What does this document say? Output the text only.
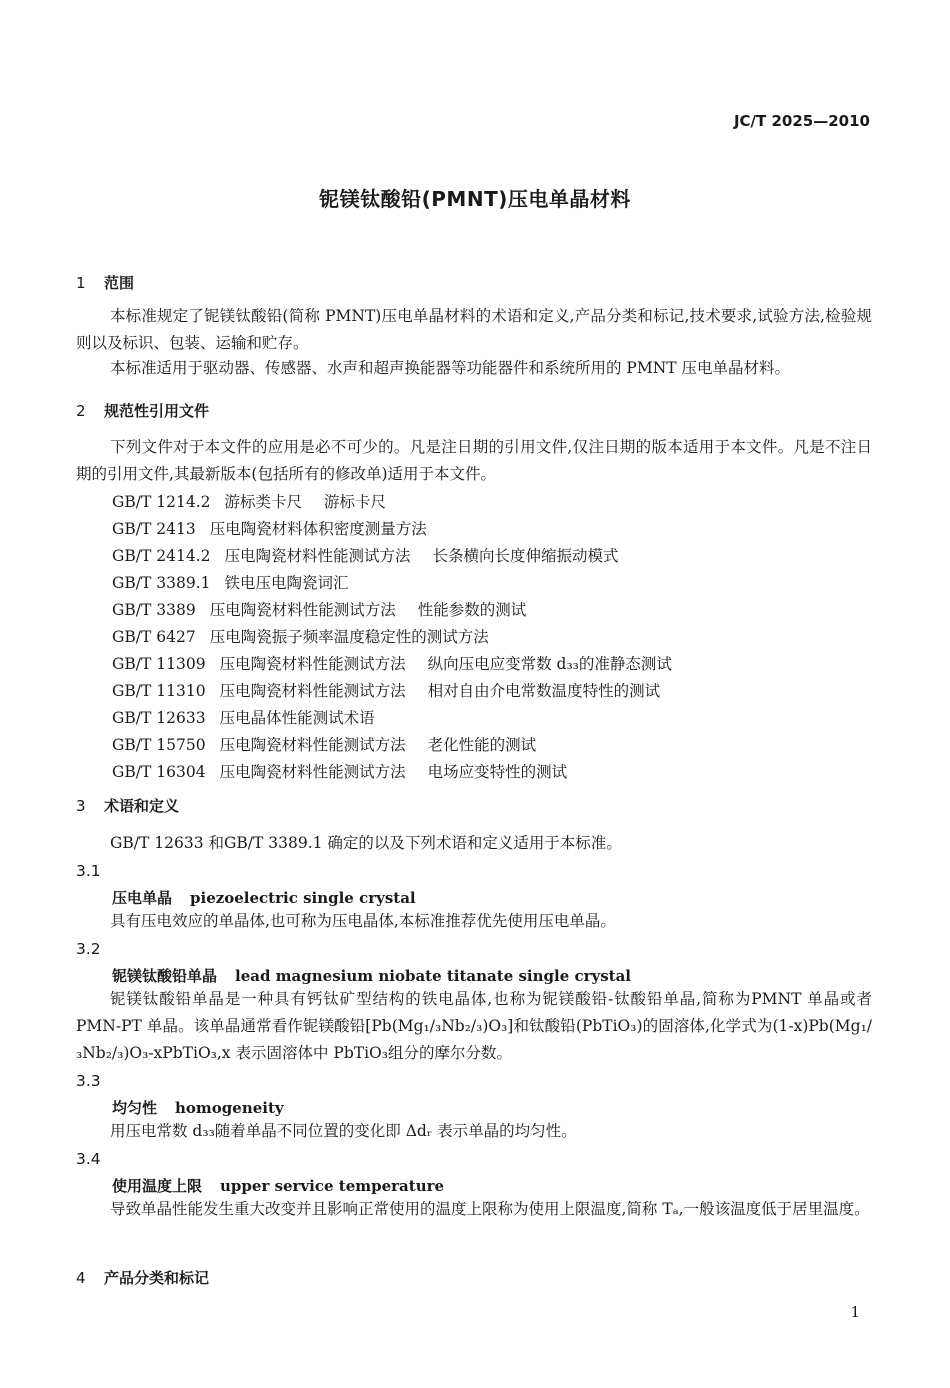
JC/T 2025—2010
铌镁钛酸铅(PMNT)压电单晶材料
1 范围
本标准规定了铌镁钛酸铅(简称 PMNT)压电单晶材料的术语和定义,产品分类和标记,技术要求,试验方法,检验规则以及标识、包装、运输和贮存。
本标准适用于驱动器、传感器、水声和超声换能器等功能器件和系统所用的 PMNT 压电单晶材料。
2 规范性引用文件
下列文件对于本文件的应用是必不可少的。凡是注日期的引用文件,仅注日期的版本适用于本文件。凡是不注日期的引用文件,其最新版本(包括所有的修改单)适用于本文件。
GB/T 1214.2 游标类卡尺 游标卡尺
GB/T 2413 压电陶瓷材料体积密度测量方法
GB/T 2414.2 压电陶瓷材料性能测试方法 长条横向长度伸缩振动模式
GB/T 3389.1 铁电压电陶瓷词汇
GB/T 3389 压电陶瓷材料性能测试方法 性能参数的测试
GB/T 6427 压电陶瓷振子频率温度稳定性的测试方法
GB/T 11309 压电陶瓷材料性能测试方法 纵向压电应变常数 d₃₃的准静态测试
GB/T 11310 压电陶瓷材料性能测试方法 相对自由介电常数温度特性的测试
GB/T 12633 压电晶体性能测试术语
GB/T 15750 压电陶瓷材料性能测试方法 老化性能的测试
GB/T 16304 压电陶瓷材料性能测试方法 电场应变特性的测试
3 术语和定义
GB/T 12633 和GB/T 3389.1 确定的以及下列术语和定义适用于本标准。
3.1
压电单晶 piezoelectric single crystal
具有压电效应的单晶体,也可称为压电晶体,本标准推荐优先使用压电单晶。
3.2
铌镁钛酸铅单晶 lead magnesium niobate titanate single crystal
铌镁钛酸铅单晶是一种具有钙钛矿型结构的铁电晶体,也称为铌镁酸铅-钛酸铅单晶,简称为PMNT 单晶或者 PMN-PT 单晶。该单晶通常看作铌镁酸铅[Pb(Mg₁/₃Nb₂/₃)O₃]和钛酸铅(PbTiO₃)的固溶体,化学式为(1-x)Pb(Mg₁/₃Nb₂/₃)O₃-xPbTiO₃,x 表示固溶体中 PbTiO₃组分的摩尔分数。
3.3
均匀性 homogeneity
用压电常数 d₃₃随着单晶不同位置的变化即 Δdᵣ 表示单晶的均匀性。
3.4
使用温度上限 upper service temperature
导致单晶性能发生重大改变并且影响正常使用的温度上限称为使用上限温度,简称 Tₐ,一般该温度低于居里温度。
4 产品分类和标记
1
